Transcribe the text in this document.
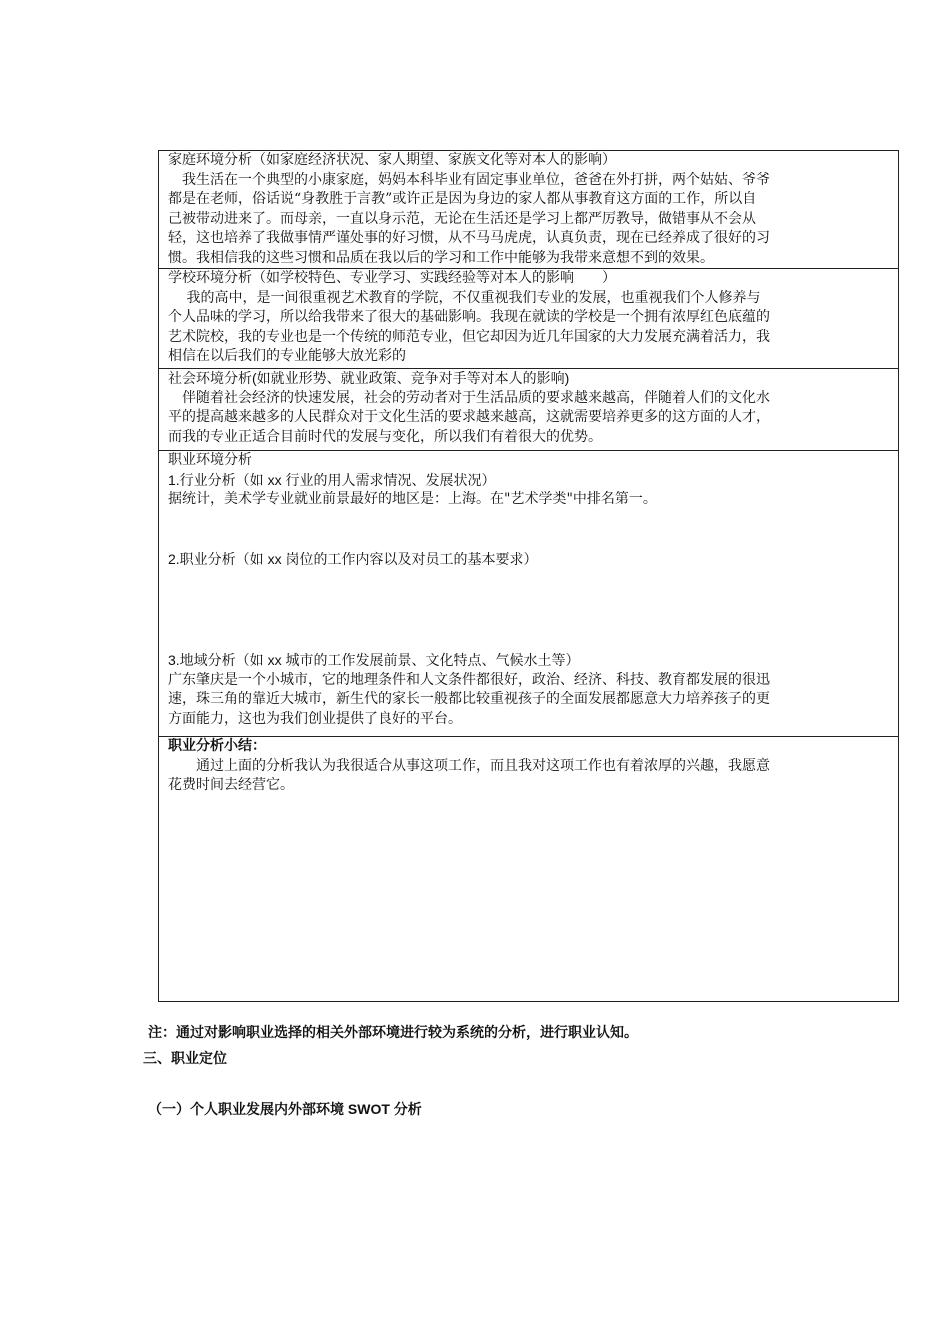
家庭环境分析（如家庭经济状况、家人期望、家族文化等对本人的影响）
　我生活在一个典型的小康家庭，妈妈本科毕业有固定事业单位，爸爸在外打拼，两个姑姑、爷爷
都是在老师，俗话说“身教胜于言教”或许正是因为身边的家人都从事教育这方面的工作，所以自
己被带动进来了。而母亲，一直以身示范，无论在生活还是学习上都严厉教导，做错事从不会从
轻，这也培养了我做事情严谨处事的好习惯，从不马马虎虎，认真负责，现在已经养成了很好的习
惯。我相信我的这些习惯和品质在我以后的学习和工作中能够为我带来意想不到的效果。
学校环境分析（如学校特色、专业学习、实践经验等对本人的影响　　）
　 我的高中，是一间很重视艺术教育的学院，不仅重视我们专业的发展，也重视我们个人修养与
个人品味的学习，所以给我带来了很大的基础影响。我现在就读的学校是一个拥有浓厚红色底蕴的
艺术院校，我的专业也是一个传统的师范专业，但它却因为近几年国家的大力发展充满着活力，我
相信在以后我们的专业能够大放光彩的
社会环境分析(如就业形势、就业政策、竞争对手等对本人的影响)
　伴随着社会经济的快速发展，社会的劳动者对于生活品质的要求越来越高，伴随着人们的文化水
平的提高越来越多的人民群众对于文化生活的要求越来越高，这就需要培养更多的这方面的人才，
而我的专业正适合目前时代的发展与变化，所以我们有着很大的优势。
职业环境分析
1.行业分析（如 xx 行业的用人需求情况、发展状况）
据统计，美术学专业就业前景最好的地区是：上海。在"艺术学类"中排名第一。
2.职业分析（如 xx 岗位的工作内容以及对员工的基本要求）
3.地域分析（如 xx 城市的工作发展前景、文化特点、气候水土等）
广东肇庆是一个小城市，它的地理条件和人文条件都很好，政治、经济、科技、教育都发展的很迅
速，珠三角的靠近大城市，新生代的家长一般都比较重视孩子的全面发展都愿意大力培养孩子的更
方面能力，这也为我们创业提供了良好的平台。
职业分析小结：
　　通过上面的分析我认为我很适合从事这项工作，而且我对这项工作也有着浓厚的兴趣，我愿意
花费时间去经营它。
注：通过对影响职业选择的相关外部环境进行较为系统的分析，进行职业认知。
三、职业定位
（一）个人职业发展内外部环境 SWOT 分析
